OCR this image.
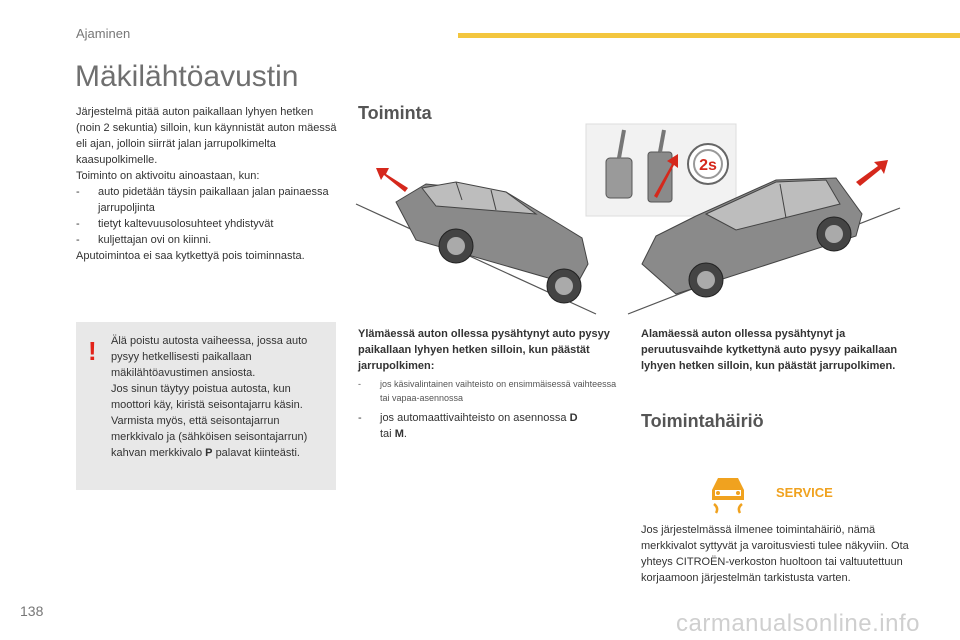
Ajaminen
Mäkilähtöavustin

Järjestelmä pitää auton paikallaan lyhyen hetken (noin 2 sekuntia) silloin, kun käynnistät auton mäessä eli ajan, jolloin siirrät jalan jarrupolkimelta kaasupolkimelle.

Toiminto on aktivoitu ainoastaan, kun:

-	auto pidetään täysin paikallaan jalan painaessa jarrupoljinta
-	tietyt kaltevuusolosuhteet yhdistyvät
-	kuljettajan ovi on kiinni.

Aputoimintoa ei saa kytkettyä pois toiminnasta.

! Älä poistu autosta vaiheessa, jossa auto pysyy hetkellisesti paikallaan mäkilähtöavustimen ansiosta.
Jos sinun täytyy poistua autosta, kun moottori käy, kiristä seisontajarru käsin. Varmista myös, että seisontajarrun merkkivalo ja (sähköisen seisontajarrun) kahvan merkkivalo P palavat kiinteästi.
Toiminta
2s
Ylämäessä auton ollessa pysähtynyt auto pysyy paikallaan lyhyen hetken silloin, kun päästät jarrupolkimen:
-	jos käsivalintainen vaihteisto on ensimmäisessä vaihteessa tai vapaa-asennossa
-	jos automaattivaihteisto on asennossa D
tai M.
Alamäessä auton ollessa pysähtynyt ja peruutusvaihde kytkettynä auto pysyy paikallaan lyhyen hetken silloin, kun päästät jarrupolkimen.
Toimintahäiriö
SERVICE
Jos järjestelmässä ilmenee toimintahäiriö, nämä merkkivalot syttyvät ja varoitusviesti tulee näkyviin. Ota yhteys CITROËN-verkoston huoltoon tai valtuutettuun korjaamoon järjestelmän tarkistusta varten.
138	carmanualsonline.info
